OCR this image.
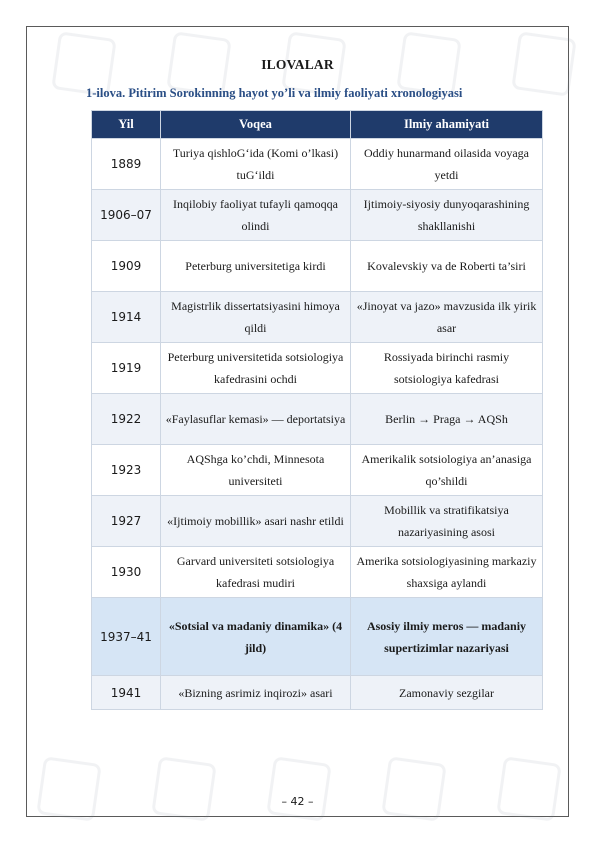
ILOVALAR
1-ilova. Pitirim Sorokinning hayot yo’li va ilmiy faoliyati xronologiyasi
Yil	Voqea	Ilmiy ahamiyati
1889	Turiya qishloG‘ida (Komi o’lkasi) tuG‘ildi	Oddiy hunarmand oilasida voyaga yetdi
1906–07	Inqilobiy faoliyat tufayli qamoqqa olindi	Ijtimoiy-siyosiy dunyoqarashining shakllanishi
1909	Peterburg universitetiga kirdi	Kovalevskiy va de Roberti ta’siri
1914	Magistrlik dissertatsiyasini himoya qildi	«Jinoyat va jazo» mavzusida ilk yirik asar
1919	Peterburg universitetida sotsiologiya kafedrasini ochdi	Rossiyada birinchi rasmiy sotsiologiya kafedrasi
1922	«Faylasuflar kemasi» — deportatsiya	Berlin → Praga → AQSh
1923	AQShga ko’chdi, Minnesota universiteti	Amerikalik sotsiologiya an’anasiga qo’shildi
1927	«Ijtimoiy mobillik» asari nashr etildi	Mobillik va stratifikatsiya nazariyasining asosi
1930	Garvard universiteti sotsiologiya kafedrasi mudiri	Amerika sotsiologiyasining markaziy shaxsiga aylandi
1937–41	«Sotsial va madaniy dinamika» (4 jild)	Asosiy ilmiy meros — madaniy supertizimlar nazariyasi
1941	«Bizning asrimiz inqirozi» asari	Zamonaviy sezgilar
– 42 –
